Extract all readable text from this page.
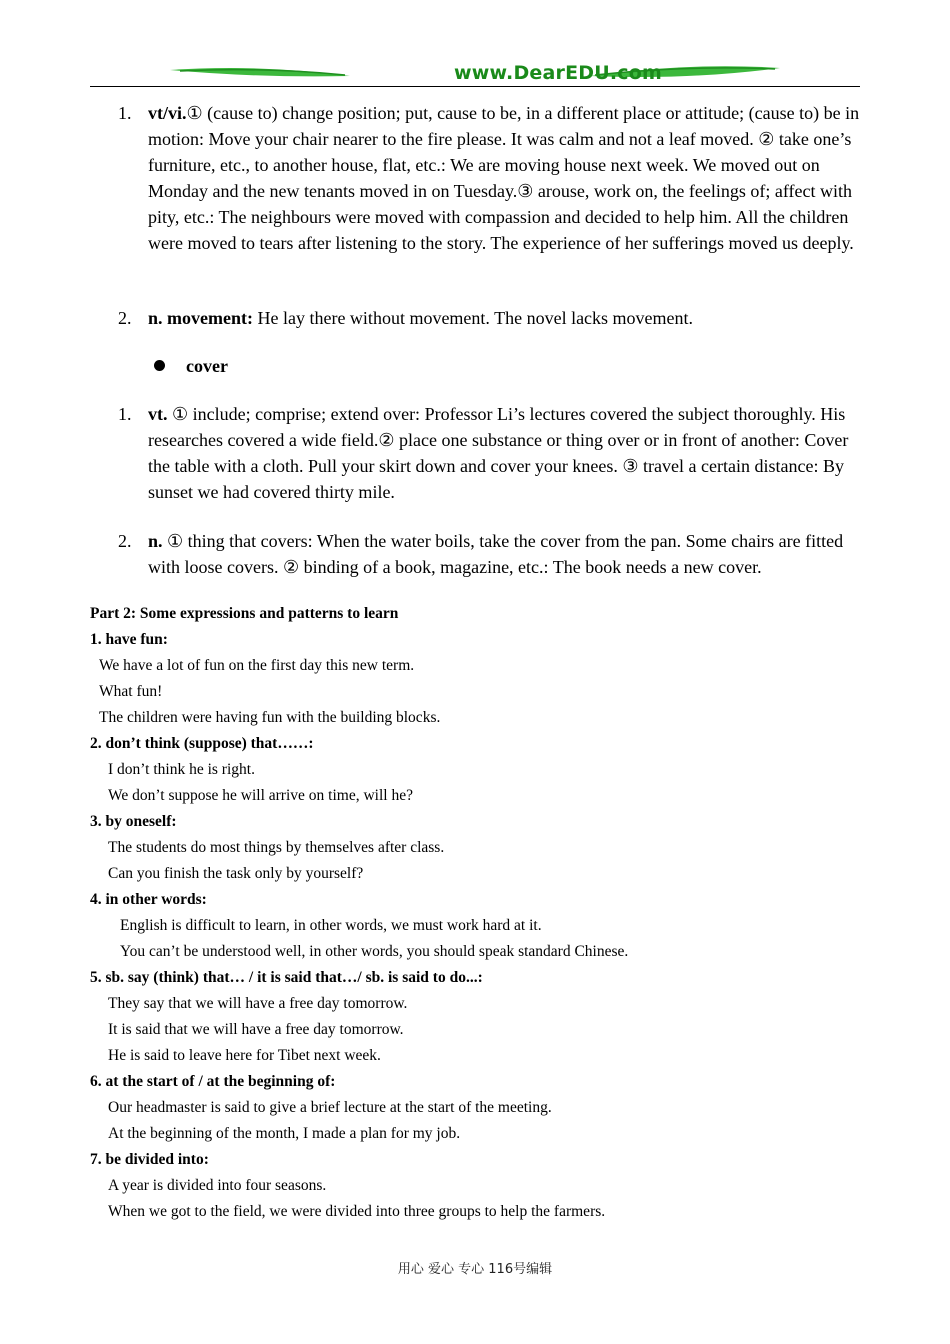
www.DearEDU.com
1. vt/vi.① (cause to) change position; put, cause to be, in a different place or attitude; (cause to) be in motion: Move your chair nearer to the fire please. It was calm and not a leaf moved. ② take one’s furniture, etc., to another house, flat, etc.: We are moving house next week. We moved out on Monday and the new tenants moved in on Tuesday.③ arouse, work on, the feelings of; affect with pity, etc.: The neighbours were moved with compassion and decided to help him. All the children were moved to tears after listening to the story. The experience of her sufferings moved us deeply.
2. n. movement: He lay there without movement. The novel lacks movement.
cover
1. vt. ① include; comprise; extend over: Professor Li’s lectures covered the subject thoroughly. His researches covered a wide field.② place one substance or thing over or in front of another: Cover the table with a cloth. Pull your skirt down and cover your knees. ③ travel a certain distance: By sunset we had covered thirty mile.
2. n. ① thing that covers: When the water boils, take the cover from the pan. Some chairs are fitted with loose covers. ② binding of a book, magazine, etc.: The book needs a new cover.
Part 2: Some expressions and patterns to learn
1. have fun:
We have a lot of fun on the first day this new term.
What fun!
The children were having fun with the building blocks.
2. don’t think (suppose) that……:
I don’t think he is right.
We don’t suppose he will arrive on time, will he?
3. by oneself:
The students do most things by themselves after class.
Can you finish the task only by yourself?
4. in other words:
English is difficult to learn, in other words, we must work hard at it.
You can’t be understood well, in other words, you should speak standard Chinese.
5. sb. say (think) that… / it is said that…/ sb. is said to do...:
They say that we will have a free day tomorrow.
It is said that we will have a free day tomorrow.
He is said to leave here for Tibet next week.
6. at the start of / at the beginning of:
Our headmaster is said to give a brief lecture at the start of the meeting.
At the beginning of the month, I made a plan for my job.
7. be divided into:
A year is divided into four seasons.
When we got to the field, we were divided into three groups to help the farmers.
用心 爱心 专心 116号编辑
